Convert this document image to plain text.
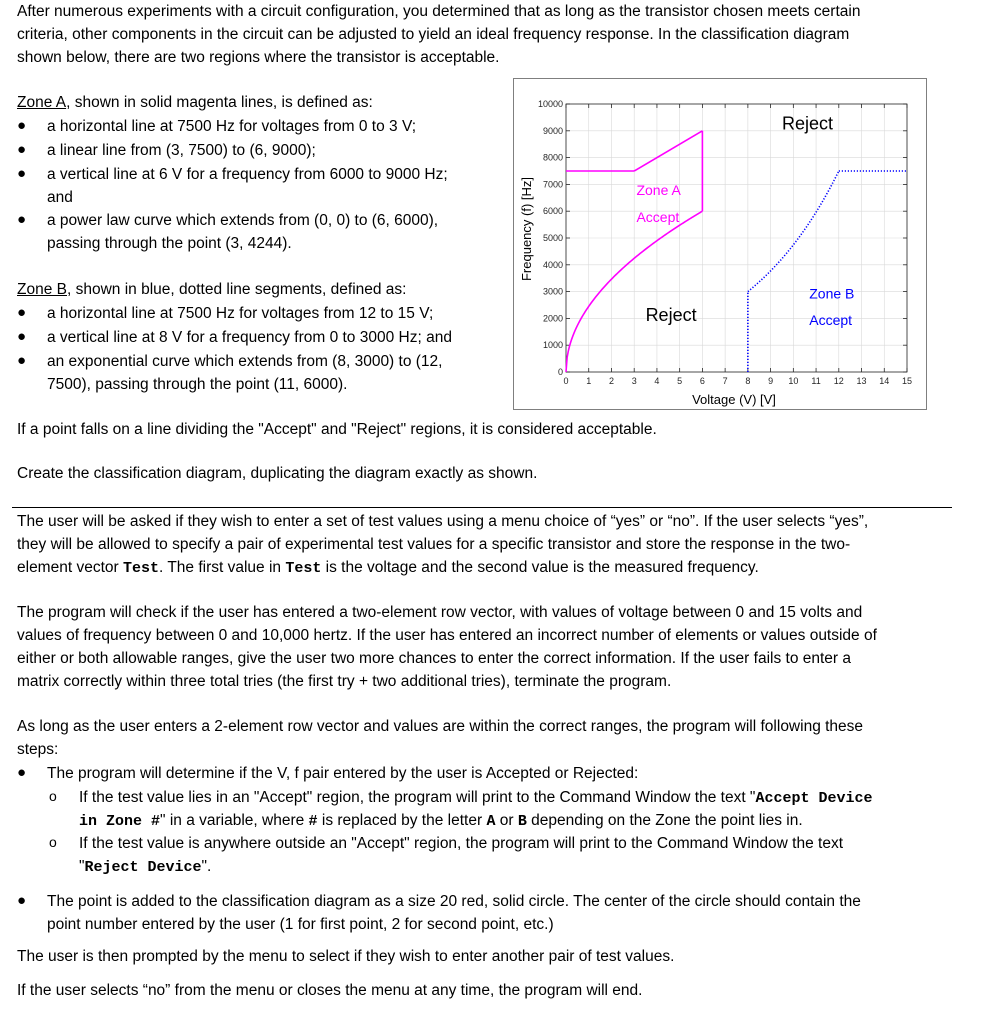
After numerous experiments with a circuit configuration, you determined that as long as the transistor chosen meets certain

criteria, other components in the circuit can be adjusted to yield an ideal frequency response. In the classification diagram

shown below, there are two regions where the transistor is acceptable.

Zone A, shown in solid magenta lines, is defined as:

● a horizontal line at 7500 Hz for voltages from 0 to 3 V;

● a linear line from (3, 7500) to (6, 9000);

● a vertical line at 6 V for a frequency from 6000 to 9000 Hz;

and

● a power law curve which extends from (0, 0) to (6, 6000),

passing through the point (3, 4244).

Zone B, shown in blue, dotted line segments, defined as:

● a horizontal line at 7500 Hz for voltages from 12 to 15 V;

● a vertical line at 8 V for a frequency from 0 to 3000 Hz; and

● an exponential curve which extends from (8, 3000) to (12,

7500), passing through the point (11, 6000).

0
1000
2000
3000
4000
5000
6000
7000
8000
9000
10000
0 1 2 3 4 5 6 7 8 9 10 11 12 13 14 15
Reject
Zone A
Accept
Reject
Zone B
Accept
Frequency (f) [Hz]
Voltage (V) [V]

If a point falls on a line dividing the "Accept" and "Reject" regions, it is considered acceptable.

Create the classification diagram, duplicating the diagram exactly as shown.

The user will be asked if they wish to enter a set of test values using a menu choice of “yes” or “no”. If the user selects “yes”,

they will be allowed to specify a pair of experimental test values for a specific transistor and store the response in the two-

element vector Test. The first value in Test is the voltage and the second value is the measured frequency.

The program will check if the user has entered a two-element row vector, with values of voltage between 0 and 15 volts and

values of frequency between 0 and 10,000 hertz. If the user has entered an incorrect number of elements or values outside of

either or both allowable ranges, give the user two more chances to enter the correct information. If the user fails to enter a

matrix correctly within three total tries (the first try + two additional tries), terminate the program.

As long as the user enters a 2-element row vector and values are within the correct ranges, the program will following these

steps:

● The program will determine if the V, f pair entered by the user is Accepted or Rejected:

o If the test value lies in an "Accept" region, the program will print to the Command Window the text "Accept Device

in Zone #" in a variable, where # is replaced by the letter A or B depending on the Zone the point lies in.

o If the test value is anywhere outside an "Accept" region, the program will print to the Command Window the text

"Reject Device".

● The point is added to the classification diagram as a size 20 red, solid circle. The center of the circle should contain the

point number entered by the user (1 for first point, 2 for second point, etc.)

The user is then prompted by the menu to select if they wish to enter another pair of test values.

If the user selects “no” from the menu or closes the menu at any time, the program will end.
